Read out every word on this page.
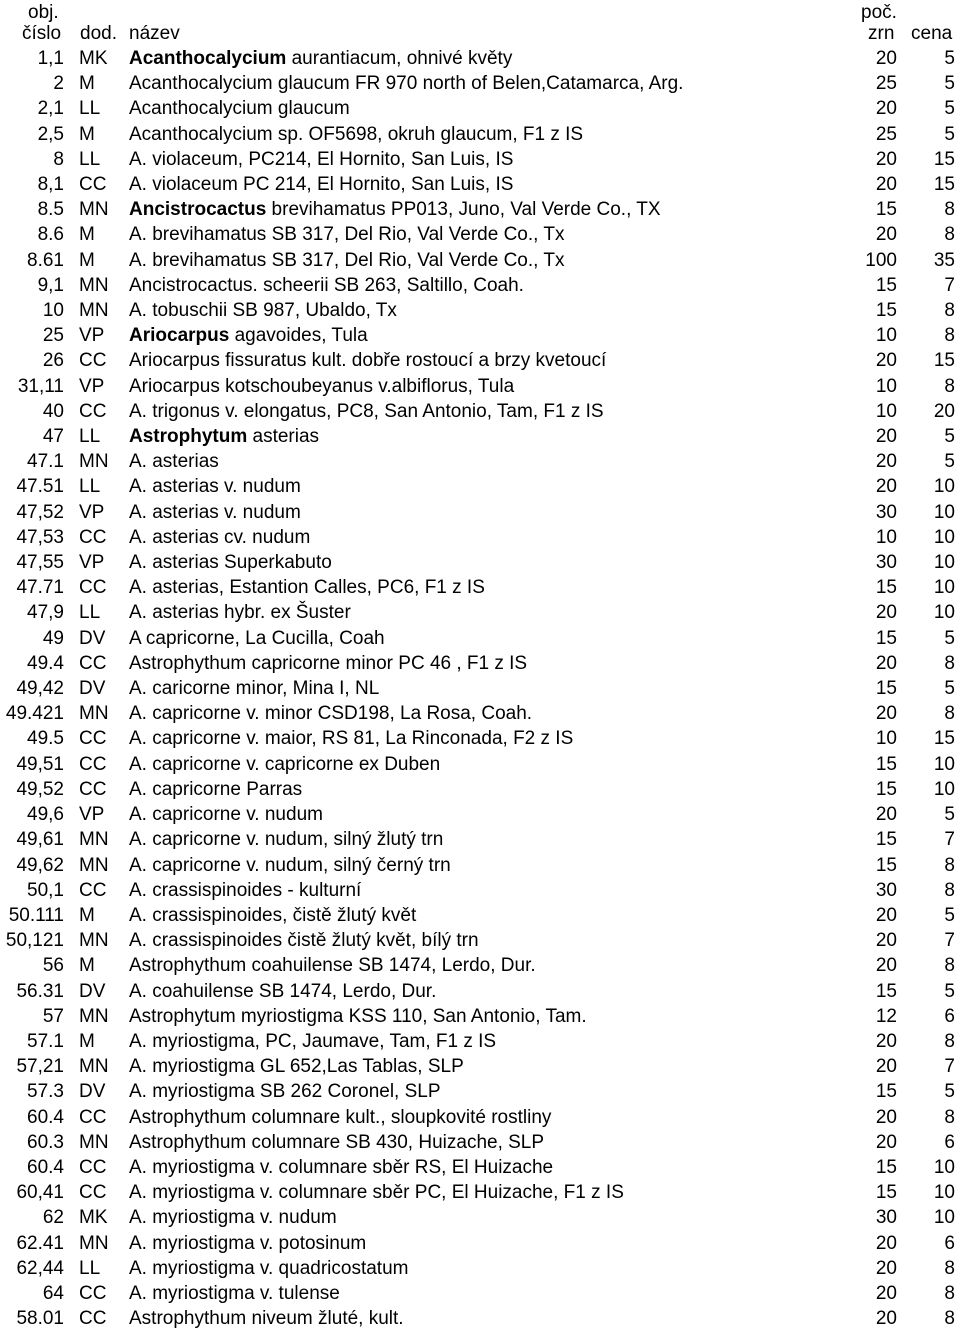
obj.	poč.
číslo dod. název	zrn cena
1,1	MK	Acanthocalycium aurantiacum, ohnivé květy	20	5
2	M	Acanthocalycium glaucum FR 970 north of Belen,Catamarca, Arg.	25	5
2,1	LL	Acanthocalycium glaucum	20	5
2,5	M	Acanthocalycium sp. OF5698, okruh glaucum, F1 z IS	25	5
8	LL	A. violaceum, PC214, El Hornito, San Luis, IS	20	15
8,1	CC	A. violaceum PC 214, El Hornito, San Luis, IS	20	15
8.5	MN	Ancistrocactus brevihamatus PP013, Juno, Val Verde Co., TX	15	8
8.6	M	A. brevihamatus SB 317, Del Rio, Val Verde Co., Tx	20	8
8.61	M	A. brevihamatus SB 317, Del Rio, Val Verde Co., Tx	100	35
9,1	MN	Ancistrocactus. scheerii SB 263, Saltillo, Coah.	15	7
10	MN	A. tobuschii SB 987, Ubaldo, Tx	15	8
25	VP	Ariocarpus agavoides, Tula	10	8
26	CC	Ariocarpus fissuratus kult. dobře rostoucí a brzy kvetoucí	20	15
31,11	VP	Ariocarpus kotschoubeyanus v.albiflorus, Tula	10	8
40	CC	A. trigonus v. elongatus, PC8, San Antonio, Tam, F1 z IS	10	20
47	LL	Astrophytum asterias	20	5
47.1	MN	A. asterias	20	5
47.51	LL	A. asterias v. nudum	20	10
47,52	VP	A. asterias v. nudum	30	10
47,53	CC	A. asterias cv. nudum	10	10
47,55	VP	A. asterias Superkabuto	30	10
47.71	CC	A. asterias, Estantion Calles, PC6, F1 z IS	15	10
47,9	LL	A. asterias hybr. ex Šuster	20	10
49	DV	A capricorne, La Cucilla, Coah	15	5
49.4	CC	Astrophythum capricorne minor PC 46 , F1 z IS	20	8
49,42	DV	A. caricorne minor, Mina I, NL	15	5
49.421	MN	A. capricorne v. minor CSD198, La Rosa, Coah.	20	8
49.5	CC	A. capricorne v. maior, RS 81, La Rinconada, F2 z IS	10	15
49,51	CC	A. capricorne v. capricorne ex Duben	15	10
49,52	CC	A. capricorne Parras	15	10
49,6	VP	A. capricorne v. nudum	20	5
49,61	MN	A. capricorne v. nudum, silný žlutý trn	15	7
49,62	MN	A. capricorne v. nudum, silný černý trn	15	8
50,1	CC	A. crassispinoides - kulturní	30	8
50.111	M	A. crassispinoides, čistě žlutý květ	20	5
50,121	MN	A. crassispinoides čistě žlutý květ, bílý trn	20	7
56	M	Astrophythum coahuilense SB 1474, Lerdo, Dur.	20	8
56.31	DV	A. coahuilense SB 1474, Lerdo, Dur.	15	5
57	MN	Astrophytum myriostigma KSS 110, San Antonio, Tam.	12	6
57.1	M	A. myriostigma, PC, Jaumave, Tam, F1 z IS	20	8
57,21	MN	A. myriostigma GL 652,Las Tablas, SLP	20	7
57.3	DV	A. myriostigma SB 262 Coronel, SLP	15	5
60.4	CC	Astrophythum columnare kult., sloupkovité rostliny	20	8
60.3	MN	Astrophythum columnare SB 430, Huizache, SLP	20	6
60.4	CC	A. myriostigma v. columnare sběr RS, El Huizache	15	10
60,41	CC	A. myriostigma v. columnare sběr PC, El Huizache, F1 z IS	15	10
62	MK	A. myriostigma v. nudum	30	10
62.41	MN	A. myriostigma v. potosinum	20	6
62,44	LL	A. myriostigma v. quadricostatum	20	8
64	CC	A. myriostigma v. tulense	20	8
58.01	CC	Astrophythum niveum žluté, kult.	20	8
